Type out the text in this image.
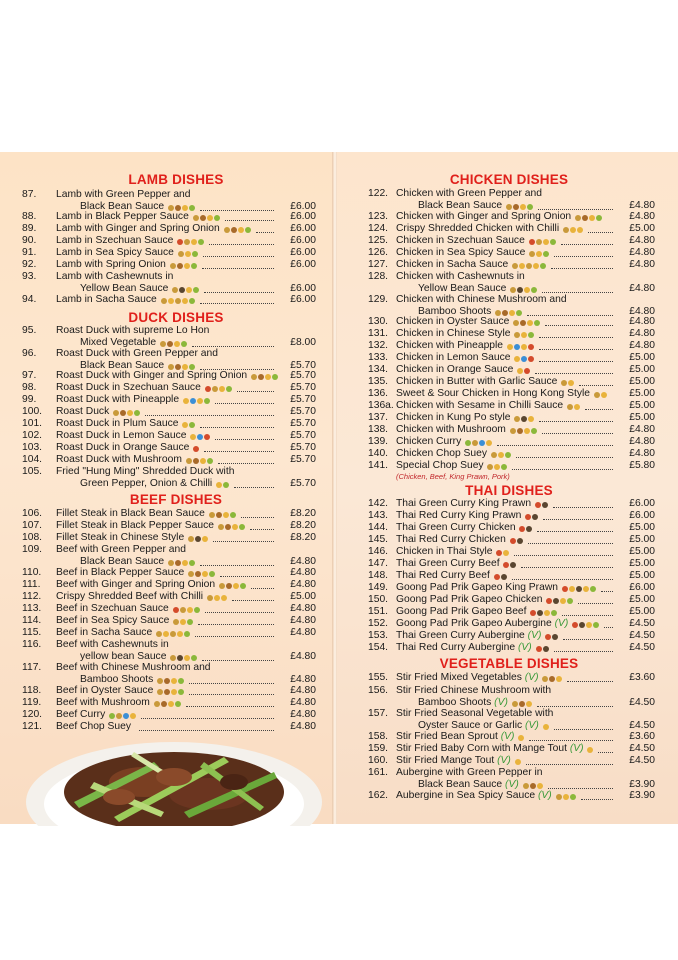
LAMB DISHES
87. Lamb with Green Pepper and
Black Bean Sauce	£6.00
88. Lamb in Black Pepper Sauce	£6.00
89. Lamb with Ginger and Spring Onion	£6.00
90. Lamb in Szechuan Sauce	£6.00
91. Lamb in Sea Spicy Sauce	£6.00
92. Lamb with Spring Onion	£6.00
93. Lamb with Cashewnuts in
Yellow Bean Sauce	£6.00
94. Lamb in Sacha Sauce	£6.00
DUCK DISHES
95. Roast Duck with supreme Lo Hon
Mixed Vegetable	£8.00
96. Roast Duck with Green Pepper and
Black Bean Sauce	£5.70
97. Roast Duck with Ginger and Spring Onion	£5.70
98. Roast Duck in Szechuan Sauce	£5.70
99. Roast Duck with Pineapple	£5.70
100. Roast Duck	£5.70
101. Roast Duck in Plum Sauce	£5.70
102. Roast Duck in Lemon Sauce	£5.70
103. Roast Duck in Orange Sauce	£5.70
104. Roast Duck with Mushroom	£5.70
105. Fried "Hung Ming" Shredded Duck with
Green Pepper, Onion & Chilli	£5.70
BEEF DISHES
106. Fillet Steak in Black Bean Sauce	£8.20
107. Fillet Steak in Black Pepper Sauce	£8.20
108. Fillet Steak in Chinese Style	£8.20
109. Beef with Green Pepper and
Black Bean Sauce	£4.80
110. Beef in Black Pepper Sauce	£4.80
111. Beef with Ginger and Spring Onion	£4.80
112. Crispy Shredded Beef with Chilli	£5.00
113. Beef in Szechuan Sauce	£4.80
114. Beef in Sea Spicy Sauce	£4.80
115. Beef in Sacha Sauce	£4.80
116. Beef with Cashewnuts in
yellow bean Sauce	£4.80
117. Beef with Chinese Mushroom and
Bamboo Shoots	£4.80
118. Beef in Oyster Sauce	£4.80
119. Beef with Mushroom	£4.80
120. Beef Curry	£4.80
121. Beef Chop Suey	£4.80
CHICKEN DISHES
122. Chicken with Green Pepper and
Black Bean Sauce	£4.80
123. Chicken with Ginger and Spring Onion	£4.80
124. Crispy Shredded Chicken with Chilli	£5.00
125. Chicken in Szechuan Sauce	£4.80
126. Chicken in Sea Spicy Sauce	£4.80
127. Chicken in Sacha Sauce	£4.80
128. Chicken with Cashewnuts in
Yellow Bean Sauce	£4.80
129. Chicken with Chinese Mushroom and
Bamboo Shoots	£4.80
130. Chicken in Oyster Sauce	£4.80
131. Chicken in Chinese Style	£4.80
132. Chicken with Pineapple	£4.80
133. Chicken in Lemon Sauce	£5.00
134. Chicken in Orange Sauce	£5.00
135. Chicken in Butter with Garlic Sauce	£5.00
136. Sweet & Sour Chicken in Hong Kong Style	£5.00
136a. Chicken with Sesame in Chilli Sauce	£5.00
137. Chicken in Kung Po style	£5.00
138. Chicken with Mushroom	£4.80
139. Chicken Curry	£4.80
140. Chicken Chop Suey	£4.80
141. Special Chop Suey	£5.80
(Chicken, Beef, King Prawn, Pork)
THAI DISHES
142. Thai Green Curry King Prawn	£6.00
143. Thai Red Curry King Prawn	£6.00
144. Thai Green Curry Chicken	£5.00
145. Thai Red Curry Chicken	£5.00
146. Chicken in Thai Style	£5.00
147. Thai Green Curry Beef	£5.00
148. Thai Red Curry Beef	£5.00
149. Goong Pad Prik Gapeo King Prawn	£6.00
150. Goong Pad Prik Gapeo Chicken	£5.00
151. Goong Pad Prik Gapeo Beef	£5.00
152. Goong Pad Prik Gapeo Aubergine (V)	£4.50
153. Thai Green Curry Aubergine (V)	£4.50
154. Thai Red Curry Aubergine (V)	£4.50
VEGETABLE DISHES
155. Stir Fried Mixed Vegetables (V)	£3.60
156. Stir Fried Chinese Mushroom with
Bamboo Shoots (V)	£4.50
157. Stir Fried Seasonal Vegetable with
Oyster Sauce or Garlic (V)	£4.50
158. Stir Fried Bean Sprout (V)	£3.60
159. Stir Fried Baby Corn with Mange Tout (V)	£4.50
160. Stir Fried Mange Tout (V)	£4.50
161. Aubergine with Green Pepper in
Black Bean Sauce (V)	£3.90
162. Aubergine in Sea Spicy Sauce (V)	£3.90
